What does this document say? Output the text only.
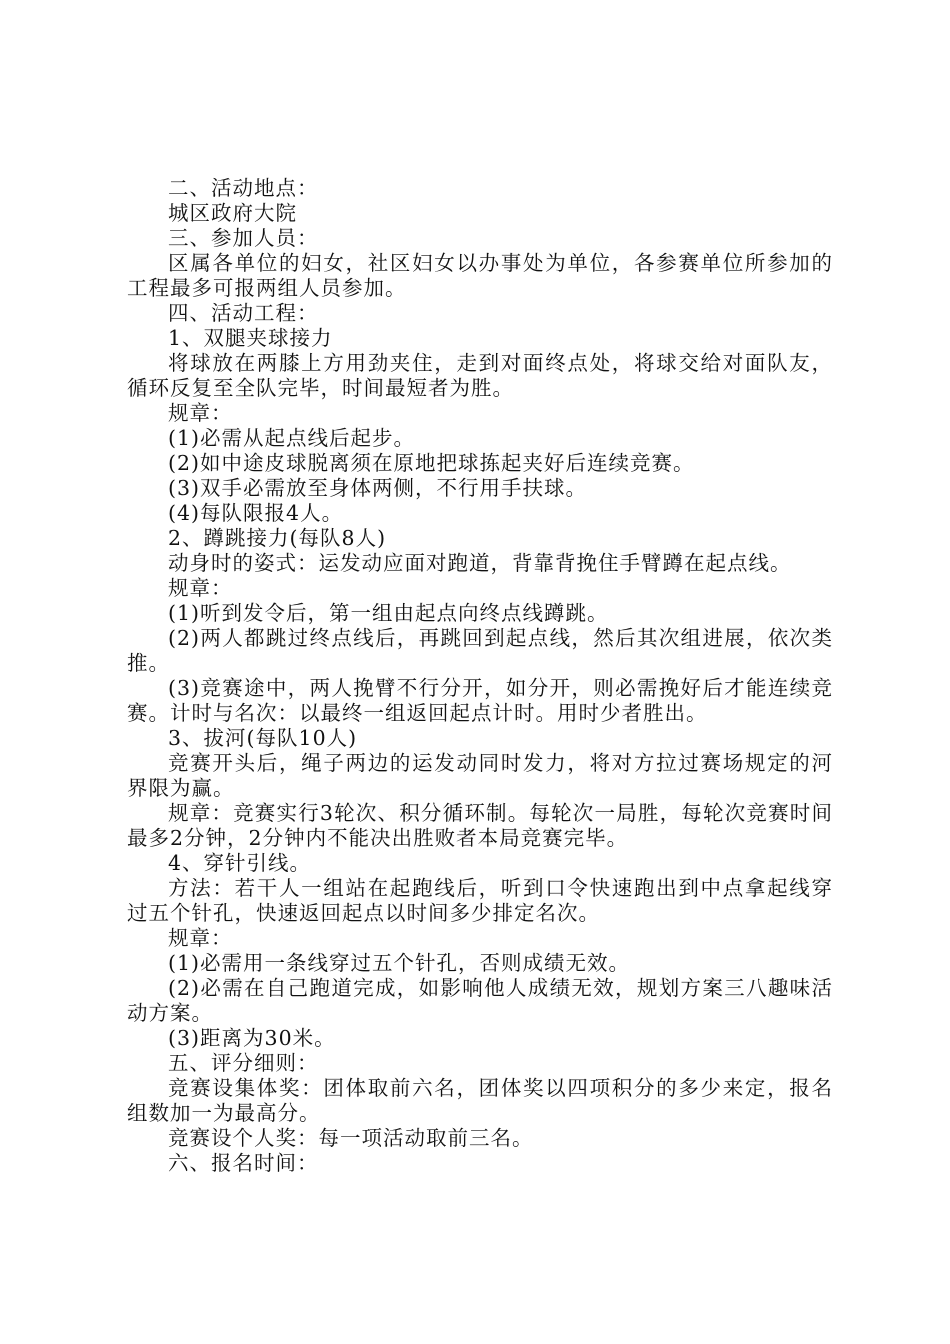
二、活动地点：

城区政府大院

三、参加人员：

区属各单位的妇女，社区妇女以办事处为单位，各参赛单位所参加的工程最多可报两组人员参加。

四、活动工程：

1、双腿夹球接力

将球放在两膝上方用劲夹住，走到对面终点处，将球交给对面队友，循环反复至全队完毕，时间最短者为胜。

规章：

(1)必需从起点线后起步。

(2)如中途皮球脱离须在原地把球拣起夹好后连续竞赛。

(3)双手必需放至身体两侧，不行用手扶球。

(4)每队限报4人。

2、蹲跳接力(每队8人)

动身时的姿式：运发动应面对跑道，背靠背挽住手臂蹲在起点线。

规章：

(1)听到发令后，第一组由起点向终点线蹲跳。

(2)两人都跳过终点线后，再跳回到起点线，然后其次组进展，依次类推。

(3)竞赛途中，两人挽臂不行分开，如分开，则必需挽好后才能连续竞赛。计时与名次：以最终一组返回起点计时。用时少者胜出。

3、拔河(每队10人)

竞赛开头后，绳子两边的运发动同时发力，将对方拉过赛场规定的河界限为赢。

规章：竞赛实行3轮次、积分循环制。每轮次一局胜，每轮次竞赛时间最多2分钟，2分钟内不能决出胜败者本局竞赛完毕。

4、穿针引线。

方法：若干人一组站在起跑线后，听到口令快速跑出到中点拿起线穿过五个针孔，快速返回起点以时间多少排定名次。

规章：

(1)必需用一条线穿过五个针孔，否则成绩无效。

(2)必需在自己跑道完成，如影响他人成绩无效，规划方案三八趣味活动方案。

(3)距离为30米。

五、评分细则：

竞赛设集体奖：团体取前六名，团体奖以四项积分的多少来定，报名组数加一为最高分。

竞赛设个人奖：每一项活动取前三名。

六、报名时间：
